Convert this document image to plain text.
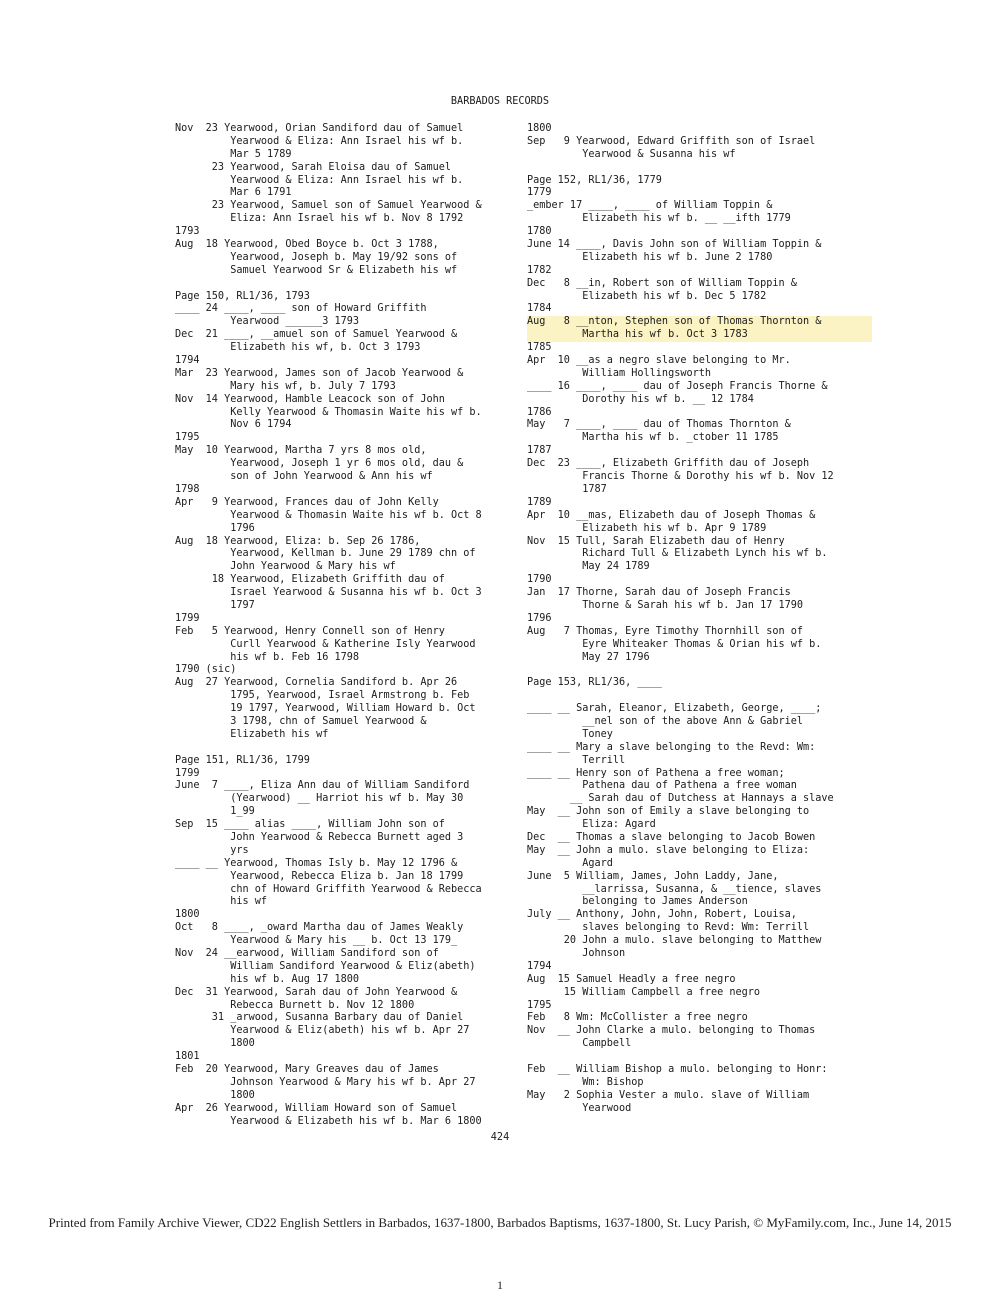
BARBADOS RECORDS
Nov  23 Yearwood, Orian Sandiford dau of Samuel
Yearwood & Eliza: Ann Israel his wf b.
Mar 5 1789
23 Yearwood, Sarah Eloisa dau of Samuel
Yearwood & Eliza: Ann Israel his wf b.
Mar 6 1791
23 Yearwood, Samuel son of Samuel Yearwood &
Eliza: Ann Israel his wf b. Nov 8 1792
1793
Aug  18 Yearwood, Obed Boyce b. Oct 3 1788,
Yearwood, Joseph b. May 19/92 sons of
Samuel Yearwood Sr & Elizabeth his wf
Page 150, RL1/36, 1793
____ 24 ____, ____ son of Howard Griffith
Yearwood ______3 1793
Dec  21 ____, __amuel son of Samuel Yearwood &
Elizabeth his wf, b. Oct 3 1793
1794
Mar  23 Yearwood, James son of Jacob Yearwood &
Mary his wf, b. July 7 1793
Nov  14 Yearwood, Hamble Leacock son of John
Kelly Yearwood & Thomasin Waite his wf b.
Nov 6 1794
1795
May  10 Yearwood, Martha 7 yrs 8 mos old,
Yearwood, Joseph 1 yr 6 mos old, dau &
son of John Yearwood & Ann his wf
1798
Apr   9 Yearwood, Frances dau of John Kelly
Yearwood & Thomasin Waite his wf b. Oct 8
1796
Aug  18 Yearwood, Eliza: b. Sep 26 1786,
Yearwood, Kellman b. June 29 1789 chn of
John Yearwood & Mary his wf
18 Yearwood, Elizabeth Griffith dau of
Israel Yearwood & Susanna his wf b. Oct 3
1797
1799
Feb   5 Yearwood, Henry Connell son of Henry
Curll Yearwood & Katherine Isly Yearwood
his wf b. Feb 16 1798
1790 (sic)
Aug  27 Yearwood, Cornelia Sandiford b. Apr 26
1795, Yearwood, Israel Armstrong b. Feb
19 1797, Yearwood, William Howard b. Oct
3 1798, chn of Samuel Yearwood &
Elizabeth his wf
Page 151, RL1/36, 1799
1799
June  7 ____, Eliza Ann dau of William Sandiford
(Yearwood) __ Harriot his wf b. May 30
1_99
Sep  15 ____ alias ____, William John son of
John Yearwood & Rebecca Burnett aged 3
yrs
____ __ Yearwood, Thomas Isly b. May 12 1796 &
Yearwood, Rebecca Eliza b. Jan 18 1799
chn of Howard Griffith Yearwood & Rebecca
his wf
1800
Oct   8 ____, _oward Martha dau of James Weakly
Yearwood & Mary his __ b. Oct 13 179_
Nov  24 __earwood, William Sandiford son of
William Sandiford Yearwood & Eliz(abeth)
his wf b. Aug 17 1800
Dec  31 Yearwood, Sarah dau of John Yearwood &
Rebecca Burnett b. Nov 12 1800
31 _arwood, Susanna Barbary dau of Daniel
Yearwood & Eliz(abeth) his wf b. Apr 27
1800
1801
Feb  20 Yearwood, Mary Greaves dau of James
Johnson Yearwood & Mary his wf b. Apr 27
1800
Apr  26 Yearwood, William Howard son of Samuel
Yearwood & Elizabeth his wf b. Mar 6 1800
1800
Sep   9 Yearwood, Edward Griffith son of Israel
Yearwood & Susanna his wf
Page 152, RL1/36, 1779
1779
_ember 17 ____, ____ of William Toppin &
Elizabeth his wf b. __ __ifth 1779
1780
June 14 ____, Davis John son of William Toppin &
Elizabeth his wf b. June 2 1780
1782
Dec   8 __in, Robert son of William Toppin &
Elizabeth his wf b. Dec 5 1782
1784
Aug   8 __nton, Stephen son of Thomas Thornton &
Martha his wf b. Oct 3 1783
1785
Apr  10 __as a negro slave belonging to Mr.
William Hollingsworth
____ 16 ____, ____ dau of Joseph Francis Thorne &
Dorothy his wf b. __ 12 1784
1786
May   7 ____, ____ dau of Thomas Thornton &
Martha his wf b. _ctober 11 1785
1787
Dec  23 ____, Elizabeth Griffith dau of Joseph
Francis Thorne & Dorothy his wf b. Nov 12
1787
1789
Apr  10 __mas, Elizabeth dau of Joseph Thomas &
Elizabeth his wf b. Apr 9 1789
Nov  15 Tull, Sarah Elizabeth dau of Henry
Richard Tull & Elizabeth Lynch his wf b.
May 24 1789
1790
Jan  17 Thorne, Sarah dau of Joseph Francis
Thorne & Sarah his wf b. Jan 17 1790
1796
Aug   7 Thomas, Eyre Timothy Thornhill son of
Eyre Whiteaker Thomas & Orian his wf b.
May 27 1796
Page 153, RL1/36, ____
____ __ Sarah, Eleanor, Elizabeth, George, ____;
__nel son of the above Ann & Gabriel
Toney
____ __ Mary a slave belonging to the Revd: Wm:
Terrill
____ __ Henry son of Pathena a free woman;
Pathena dau of Pathena a free woman
__ Sarah dau of Dutchess at Hannays a slave
May  __ John son of Emily a slave belonging to
Eliza: Agard
Dec  __ Thomas a slave belonging to Jacob Bowen
May  __ John a mulo. slave belonging to Eliza:
Agard
June  5 William, James, John Laddy, Jane,
__larrissa, Susanna, & __tience, slaves
belonging to James Anderson
July __ Anthony, John, John, Robert, Louisa,
slaves belonging to Revd: Wm: Terrill
20 John a mulo. slave belonging to Matthew
Johnson
1794
Aug  15 Samuel Headly a free negro
15 William Campbell a free negro
1795
Feb   8 Wm: McCollister a free negro
Nov  __ John Clarke a mulo. belonging to Thomas
Campbell
Feb  __ William Bishop a mulo. belonging to Honr:
Wm: Bishop
May   2 Sophia Vester a mulo. slave of William
Yearwood
424
Printed from Family Archive Viewer, CD22 English Settlers in Barbados, 1637-1800, Barbados Baptisms, 1637-1800, St. Lucy Parish, © MyFamily.com, Inc., June 14, 2015
1
